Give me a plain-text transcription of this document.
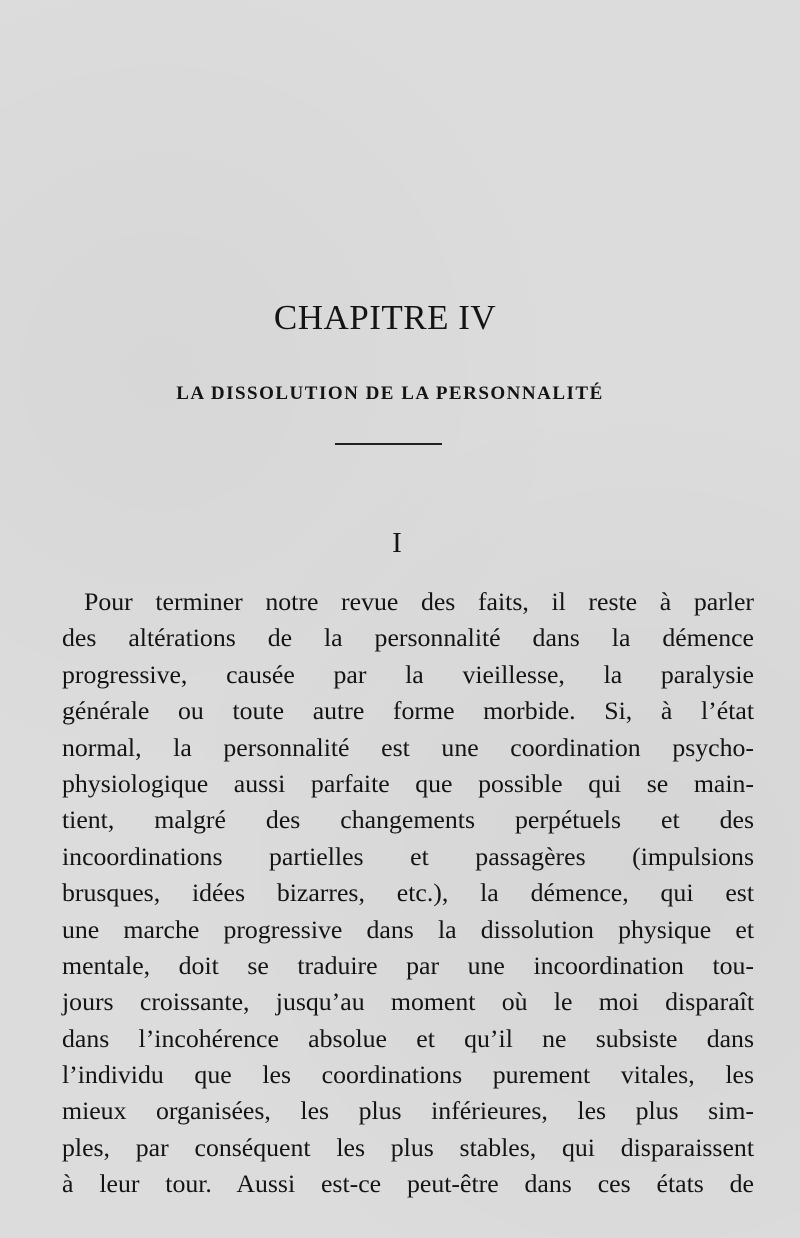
CHAPITRE IV
LA DISSOLUTION DE LA PERSONNALITÉ
I
Pour terminer notre revue des faits, il reste à parler
des altérations de la personnalité dans la démence
progressive, causée par la vieillesse, la paralysie
générale ou toute autre forme morbide. Si, à l’état
normal, la personnalité est une coordination psycho-
physiologique aussi parfaite que possible qui se main-
tient, malgré des changements perpétuels et des
incoordinations partielles et passagères (impulsions
brusques, idées bizarres, etc.), la démence, qui est
une marche progressive dans la dissolution physique et
mentale, doit se traduire par une incoordination tou-
jours croissante, jusqu’au moment où le moi disparaît
dans l’incohérence absolue et qu’il ne subsiste dans
l’individu que les coordinations purement vitales, les
mieux organisées, les plus inférieures, les plus sim-
ples, par conséquent les plus stables, qui disparaissent
à leur tour. Aussi est-ce peut-être dans ces états de
